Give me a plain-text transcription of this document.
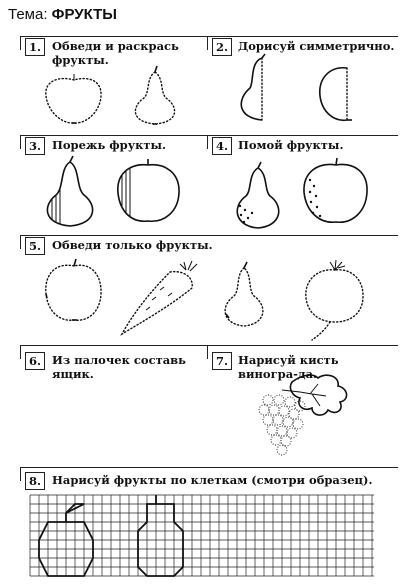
Тема: ФРУКТЫ
1. Обведи и раскрась фрукты.
2. Дорисуй симметрично.
3. Порежь фрукты.	4. Помой фрукты.
5. Обведи только фрукты.
6. Из палочек составь ящик.
7. Нарисуй кисть виногра-да.
8. Нарисуй фрукты по клеткам (смотри образец).
